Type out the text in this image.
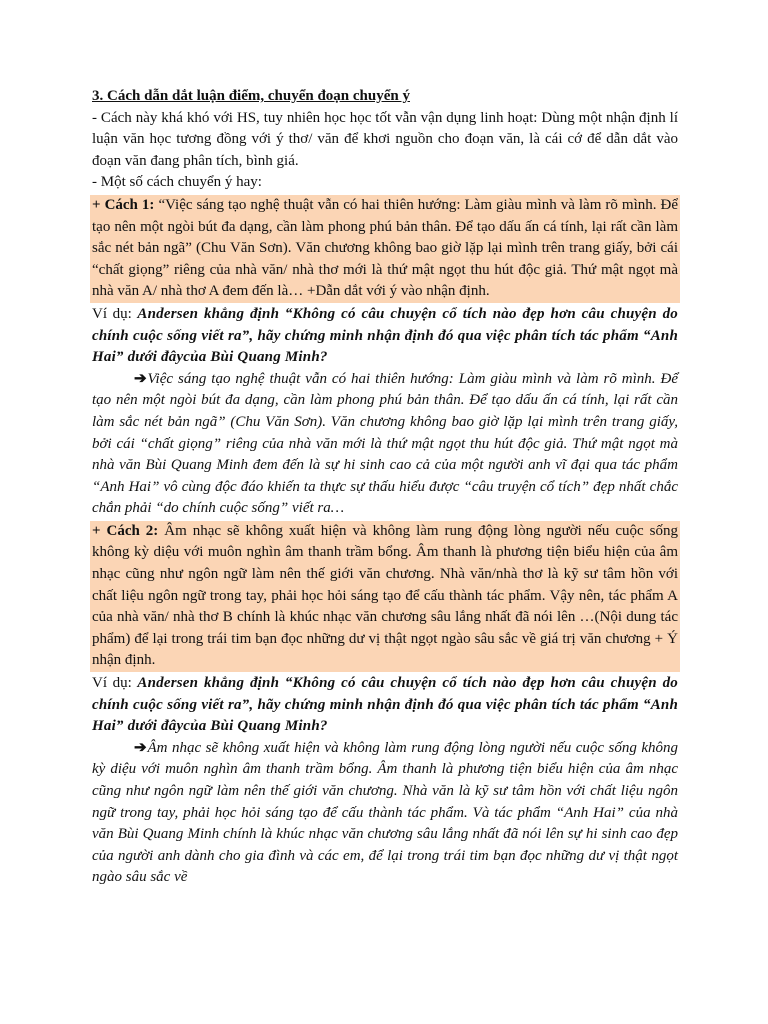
3. Cách dẫn dắt luận điểm, chuyển đoạn chuyển ý

- Cách này khá khó với HS, tuy nhiên học học tốt vẫn vận dụng linh hoạt: Dùng một nhận định lí luận văn học tương đồng với ý thơ/ văn để khơi nguồn cho đoạn văn, là cái cớ để dẫn dắt vào đoạn văn đang phân tích, bình giá.

- Một số cách chuyển ý hay:

+ Cách 1: “Việc sáng tạo nghệ thuật vẫn có hai thiên hướng: Làm giàu mình và làm rõ mình. Để tạo nên một ngòi bút đa dạng, cần làm phong phú bản thân. Để tạo dấu ấn cá tính, lại rất cần làm sắc nét bản ngã” (Chu Văn Sơn). Văn chương không bao giờ lặp lại mình trên trang giấy, bởi cái “chất giọng” riêng của nhà văn/ nhà thơ mới là thứ mật ngọt thu hút độc giả. Thứ mật ngọt mà nhà văn A/ nhà thơ A đem đến là… +Dẫn dắt với ý vào nhận định.

Ví dụ: Andersen khẳng định “Không có câu chuyện cổ tích nào đẹp hơn câu chuyện do chính cuộc sống viết ra”, hãy chứng minh nhận định đó qua việc phân tích tác phẩm “Anh Hai” dưới đâycủa Bùi Quang Minh?

➔Việc sáng tạo nghệ thuật vẫn có hai thiên hướng: Làm giàu mình và làm rõ mình. Để tạo nên một ngòi bút đa dạng, cần làm phong phú bản thân. Để tạo dấu ấn cá tính, lại rất cần làm sắc nét bản ngã” (Chu Văn Sơn). Văn chương không bao giờ lặp lại mình trên trang giấy, bởi cái “chất giọng” riêng của nhà văn mới là thứ mật ngọt thu hút độc giả. Thứ mật ngọt mà nhà văn Bùi Quang Minh đem đến là sự hi sinh cao cả của một người anh vĩ đại qua tác phẩm “Anh Hai” vô cùng độc đáo khiến ta thực sự thấu hiểu được “câu truyện cổ tích” đẹp nhất chắc chắn phải “do chính cuộc sống” viết ra…

+ Cách 2: Âm nhạc sẽ không xuất hiện và không làm rung động lòng người nếu cuộc sống không kỳ diệu với muôn nghìn âm thanh trầm bổng. Âm thanh là phương tiện biểu hiện của âm nhạc cũng như ngôn ngữ làm nên thế giới văn chương. Nhà văn/nhà thơ là kỹ sư tâm hồn với chất liệu ngôn ngữ trong tay, phải học hỏi sáng tạo để cấu thành tác phẩm. Vậy nên, tác phẩm A của nhà văn/ nhà thơ B chính là khúc nhạc văn chương sâu lắng nhất đã nói lên …(Nội dung tác phẩm) để lại trong trái tim bạn đọc những dư vị thật ngọt ngào sâu sắc về giá trị văn chương + Ý nhận định.

Ví dụ: Andersen khẳng định “Không có câu chuyện cổ tích nào đẹp hơn câu chuyện do chính cuộc sống viết ra”, hãy chứng minh nhận định đó qua việc phân tích tác phẩm “Anh Hai” dưới đâycủa Bùi Quang Minh?

➔Âm nhạc sẽ không xuất hiện và không làm rung động lòng người nếu cuộc sống không kỳ diệu với muôn nghìn âm thanh trầm bổng. Âm thanh là phương tiện biểu hiện của âm nhạc cũng như ngôn ngữ làm nên thế giới văn chương. Nhà văn là kỹ sư tâm hồn với chất liệu ngôn ngữ trong tay, phải học hỏi sáng tạo để cấu thành tác phẩm. Và tác phẩm “Anh Hai” của nhà văn Bùi Quang Minh chính là khúc nhạc văn chương sâu lắng nhất đã nói lên sự hi sinh cao đẹp của người anh dành cho gia đình và các em, để lại trong trái tim bạn đọc những dư vị thật ngọt ngào sâu sắc về
